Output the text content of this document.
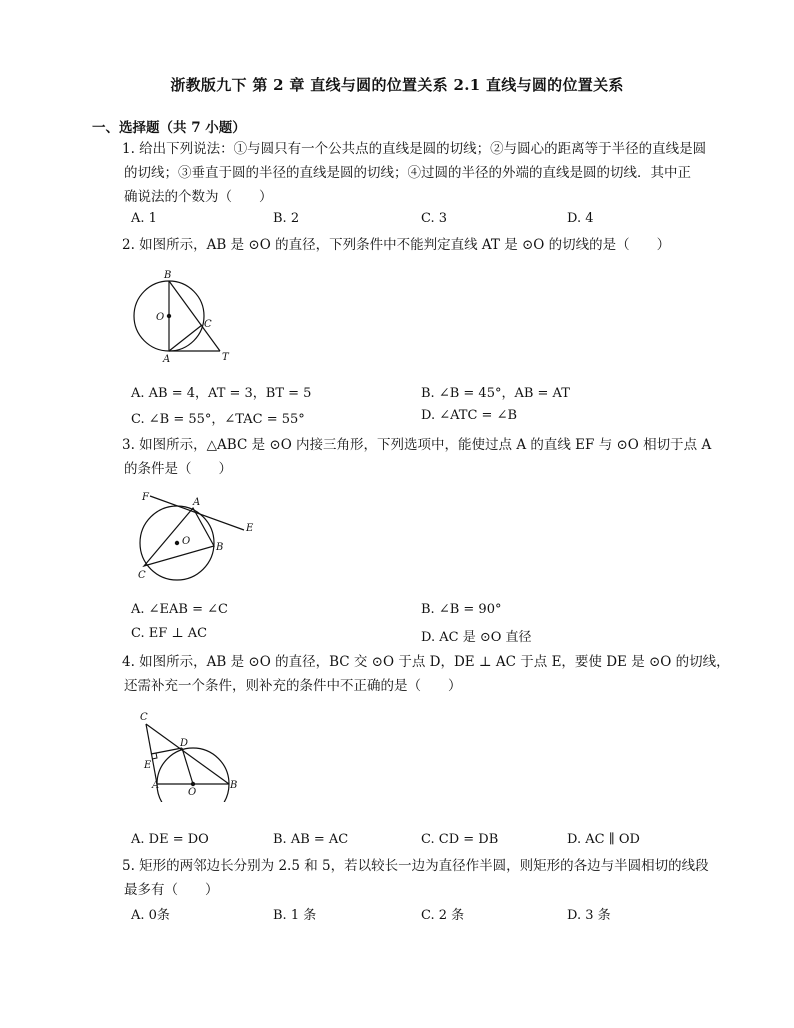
浙教版九下 第 2 章 直线与圆的位置关系 2.1 直线与圆的位置关系
一、选择题（共 7 小题）
1. 给出下列说法：①与圆只有一个公共点的直线是圆的切线；②与圆心的距离等于半径的直线是圆
的切线；③垂直于圆的半径的直线是圆的切线；④过圆的半径的外端的直线是圆的切线．其中正
确说法的个数为（　　）
A. 1	B. 2	C. 3	D. 4
2. 如图所示，AB 是 ⊙O 的直径，下列条件中不能判定直线 AT 是 ⊙O 的切线的是（　　）
B
O
C
A	T
A. AB = 4，AT = 3，BT = 5	B. ∠B = 45°，AB = AT
C. ∠B = 55°，∠TAC = 55°	D. ∠ATC = ∠B
3. 如图所示，△ABC 是 ⊙O 内接三角形，下列选项中，能使过点 A 的直线 EF 与 ⊙O 相切于点 A
的条件是（　　）
F	A
E
O
B
C
A. ∠EAB = ∠C	B. ∠B = 90°
C. EF ⊥ AC	D. AC 是 ⊙O 直径
4. 如图所示，AB 是 ⊙O 的直径，BC 交 ⊙O 于点 D，DE ⊥ AC 于点 E，要使 DE 是 ⊙O 的切线，
还需补充一个条件，则补充的条件中不正确的是（　　）
C
D
E
A
O
B
A. DE = DO	B. AB = AC	C. CD = DB	D. AC ∥ OD
5. 矩形的两邻边长分别为 2.5 和 5，若以较长一边为直径作半圆，则矩形的各边与半圆相切的线段
最多有（　　）
A. 0条	B. 1 条	C. 2 条	D. 3 条
